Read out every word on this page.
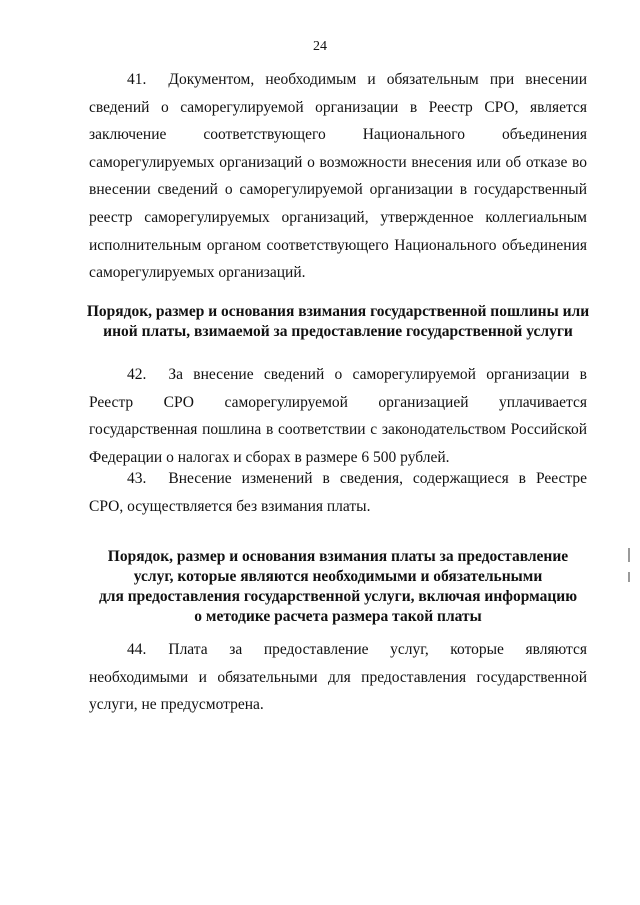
24
41. Документом, необходимым и обязательным при внесении сведений о саморегулируемой организации в Реестр СРО, является заключение соответствующего Национального объединения саморегулируемых организаций о возможности внесения или об отказе во внесении сведений о саморегулируемой организации в государственный реестр саморегулируемых организаций, утвержденное коллегиальным исполнительным органом соответствующего Национального объединения саморегулируемых организаций.
Порядок, размер и основания взимания государственной пошлины или
иной платы, взимаемой за предоставление государственной услуги
42. За внесение сведений о саморегулируемой организации в Реестр СРО саморегулируемой организацией уплачивается государственная пошлина в соответствии с законодательством Российской Федерации о налогах и сборах в размере 6 500 рублей.
43. Внесение изменений в сведения, содержащиеся в Реестре СРО, осуществляется без взимания платы.
Порядок, размер и основания взимания платы за предоставление
услуг, которые являются необходимыми и обязательными
для предоставления государственной услуги, включая информацию
о методике расчета размера такой платы
44. Плата за предоставление услуг, которые являются необходимыми и обязательными для предоставления государственной услуги, не предусмотрена.
